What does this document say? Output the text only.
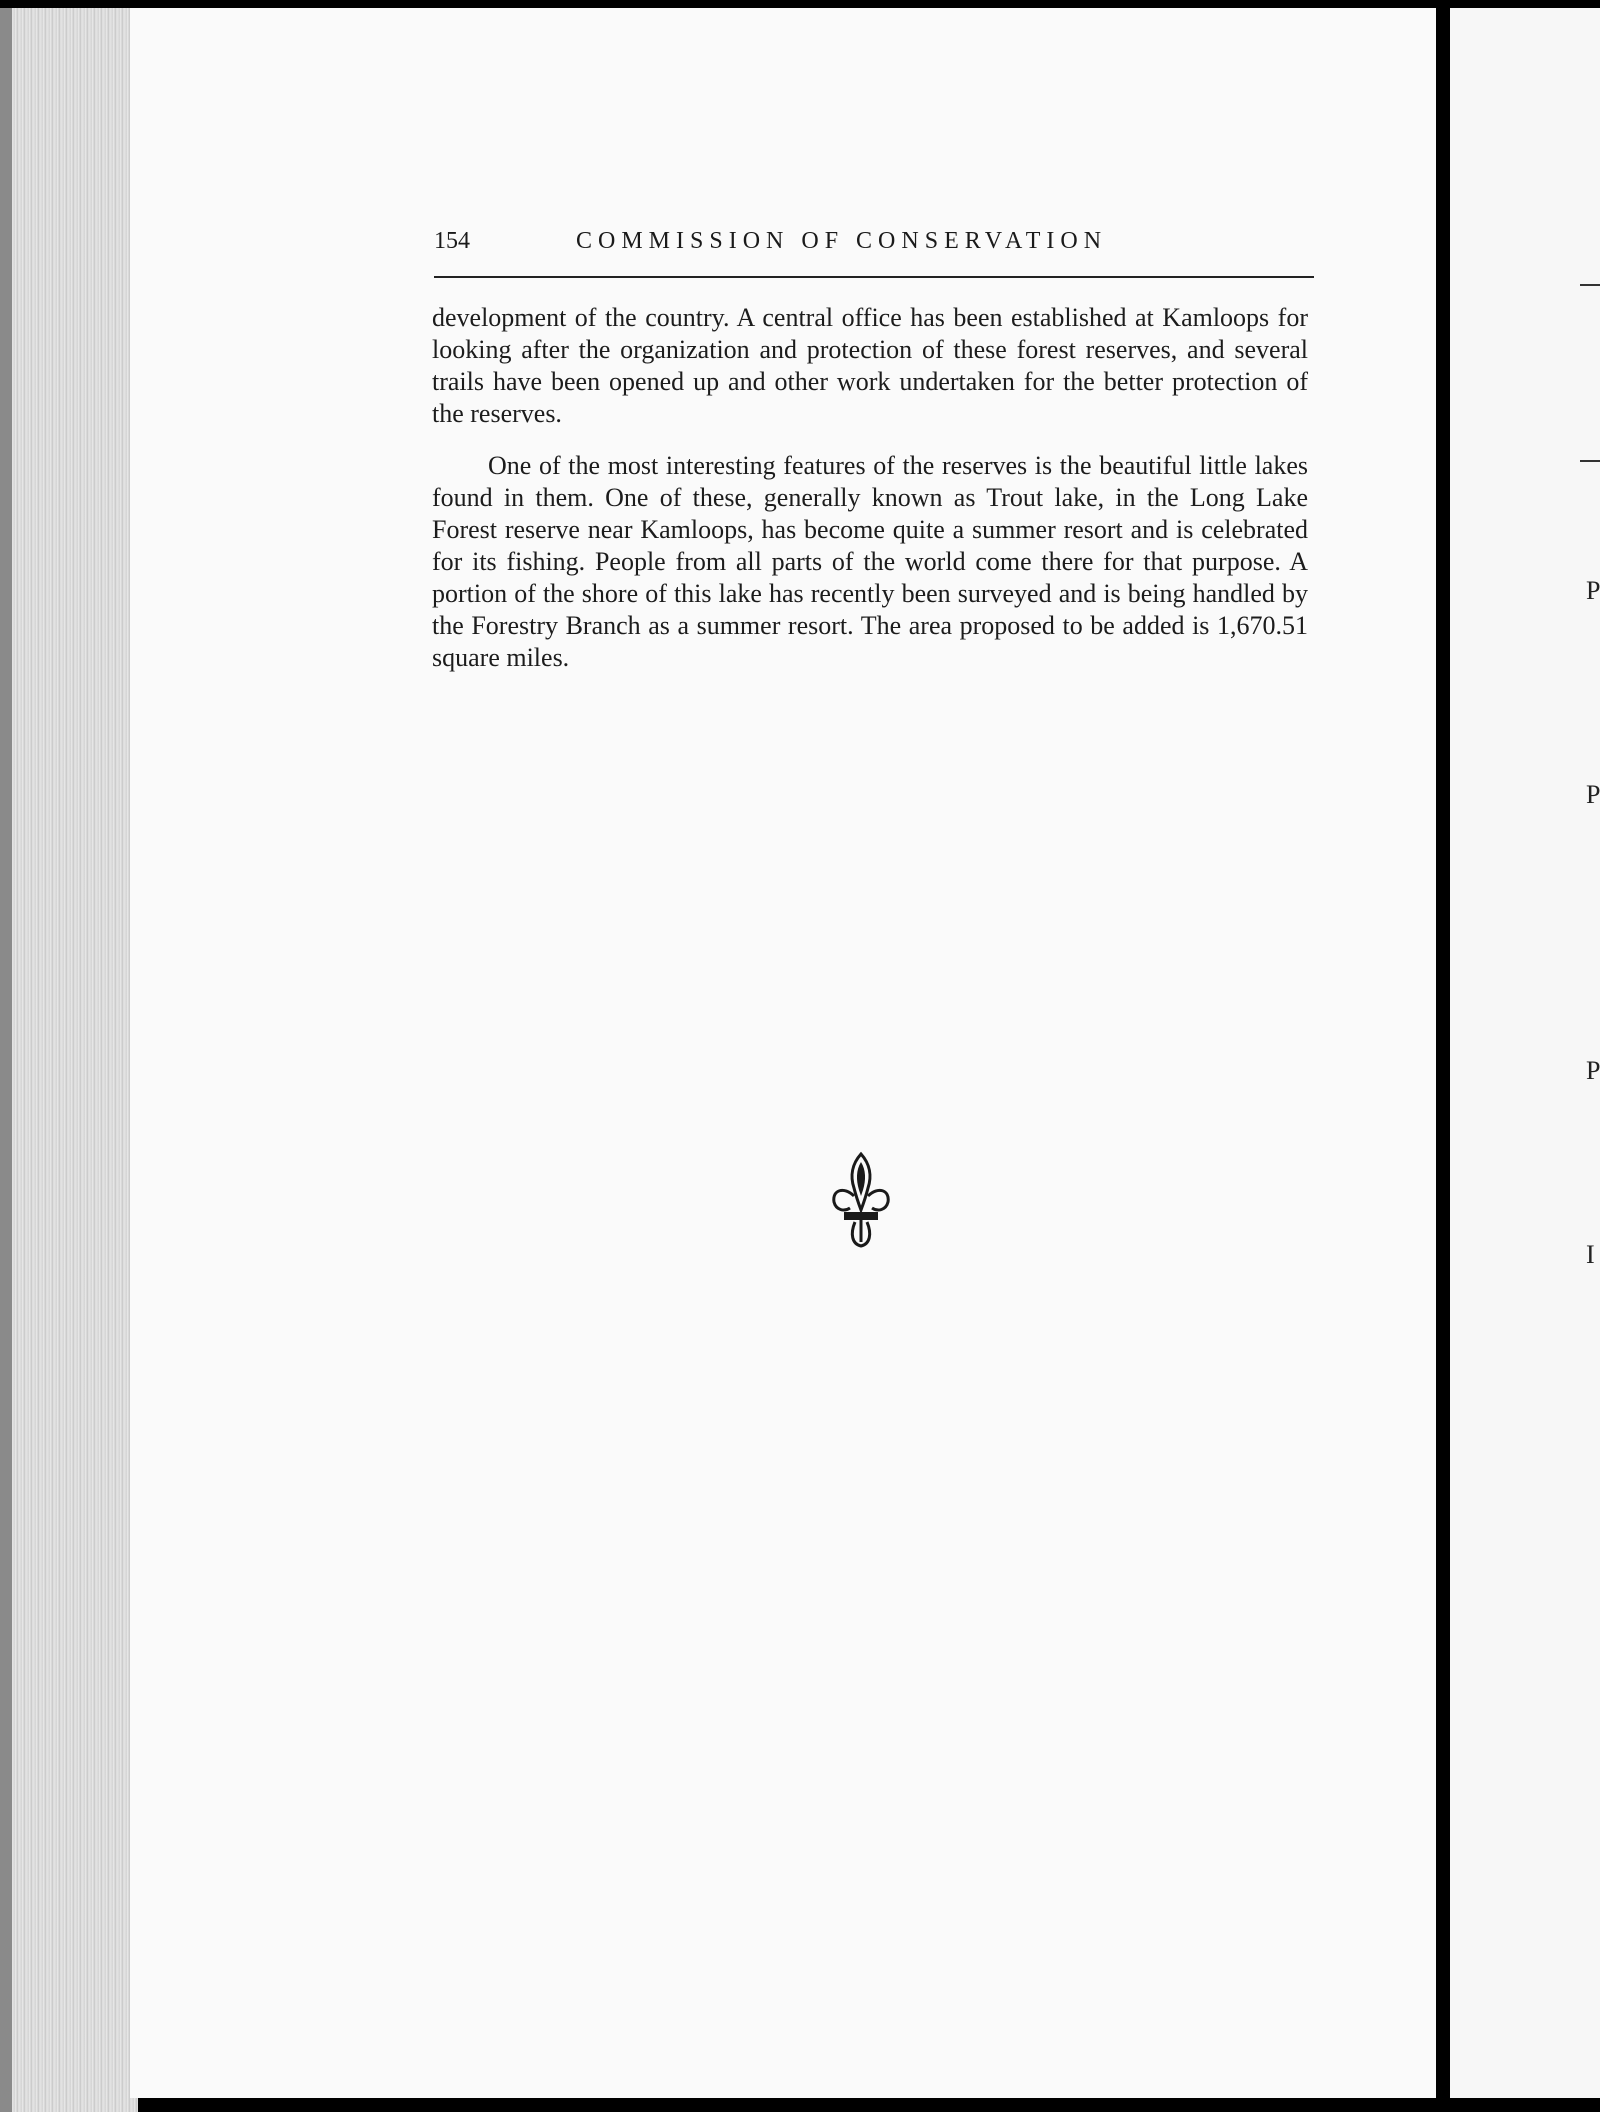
P
P
P
I
154	COMMISSION OF CONSERVATION

development of the country. A central office has been established at Kamloops for looking after the organization and protection of these forest reserves, and several trails have been opened up and other work undertaken for the better protection of the reserves.

One of the most interesting features of the reserves is the beautiful little lakes found in them. One of these, generally known as Trout lake, in the Long Lake Forest reserve near Kamloops, has become quite a summer resort and is celebrated for its fishing. People from all parts of the world come there for that purpose. A portion of the shore of this lake has recently been surveyed and is being handled by the Forestry Branch as a summer resort. The area proposed to be added is 1,670.51 square miles.
